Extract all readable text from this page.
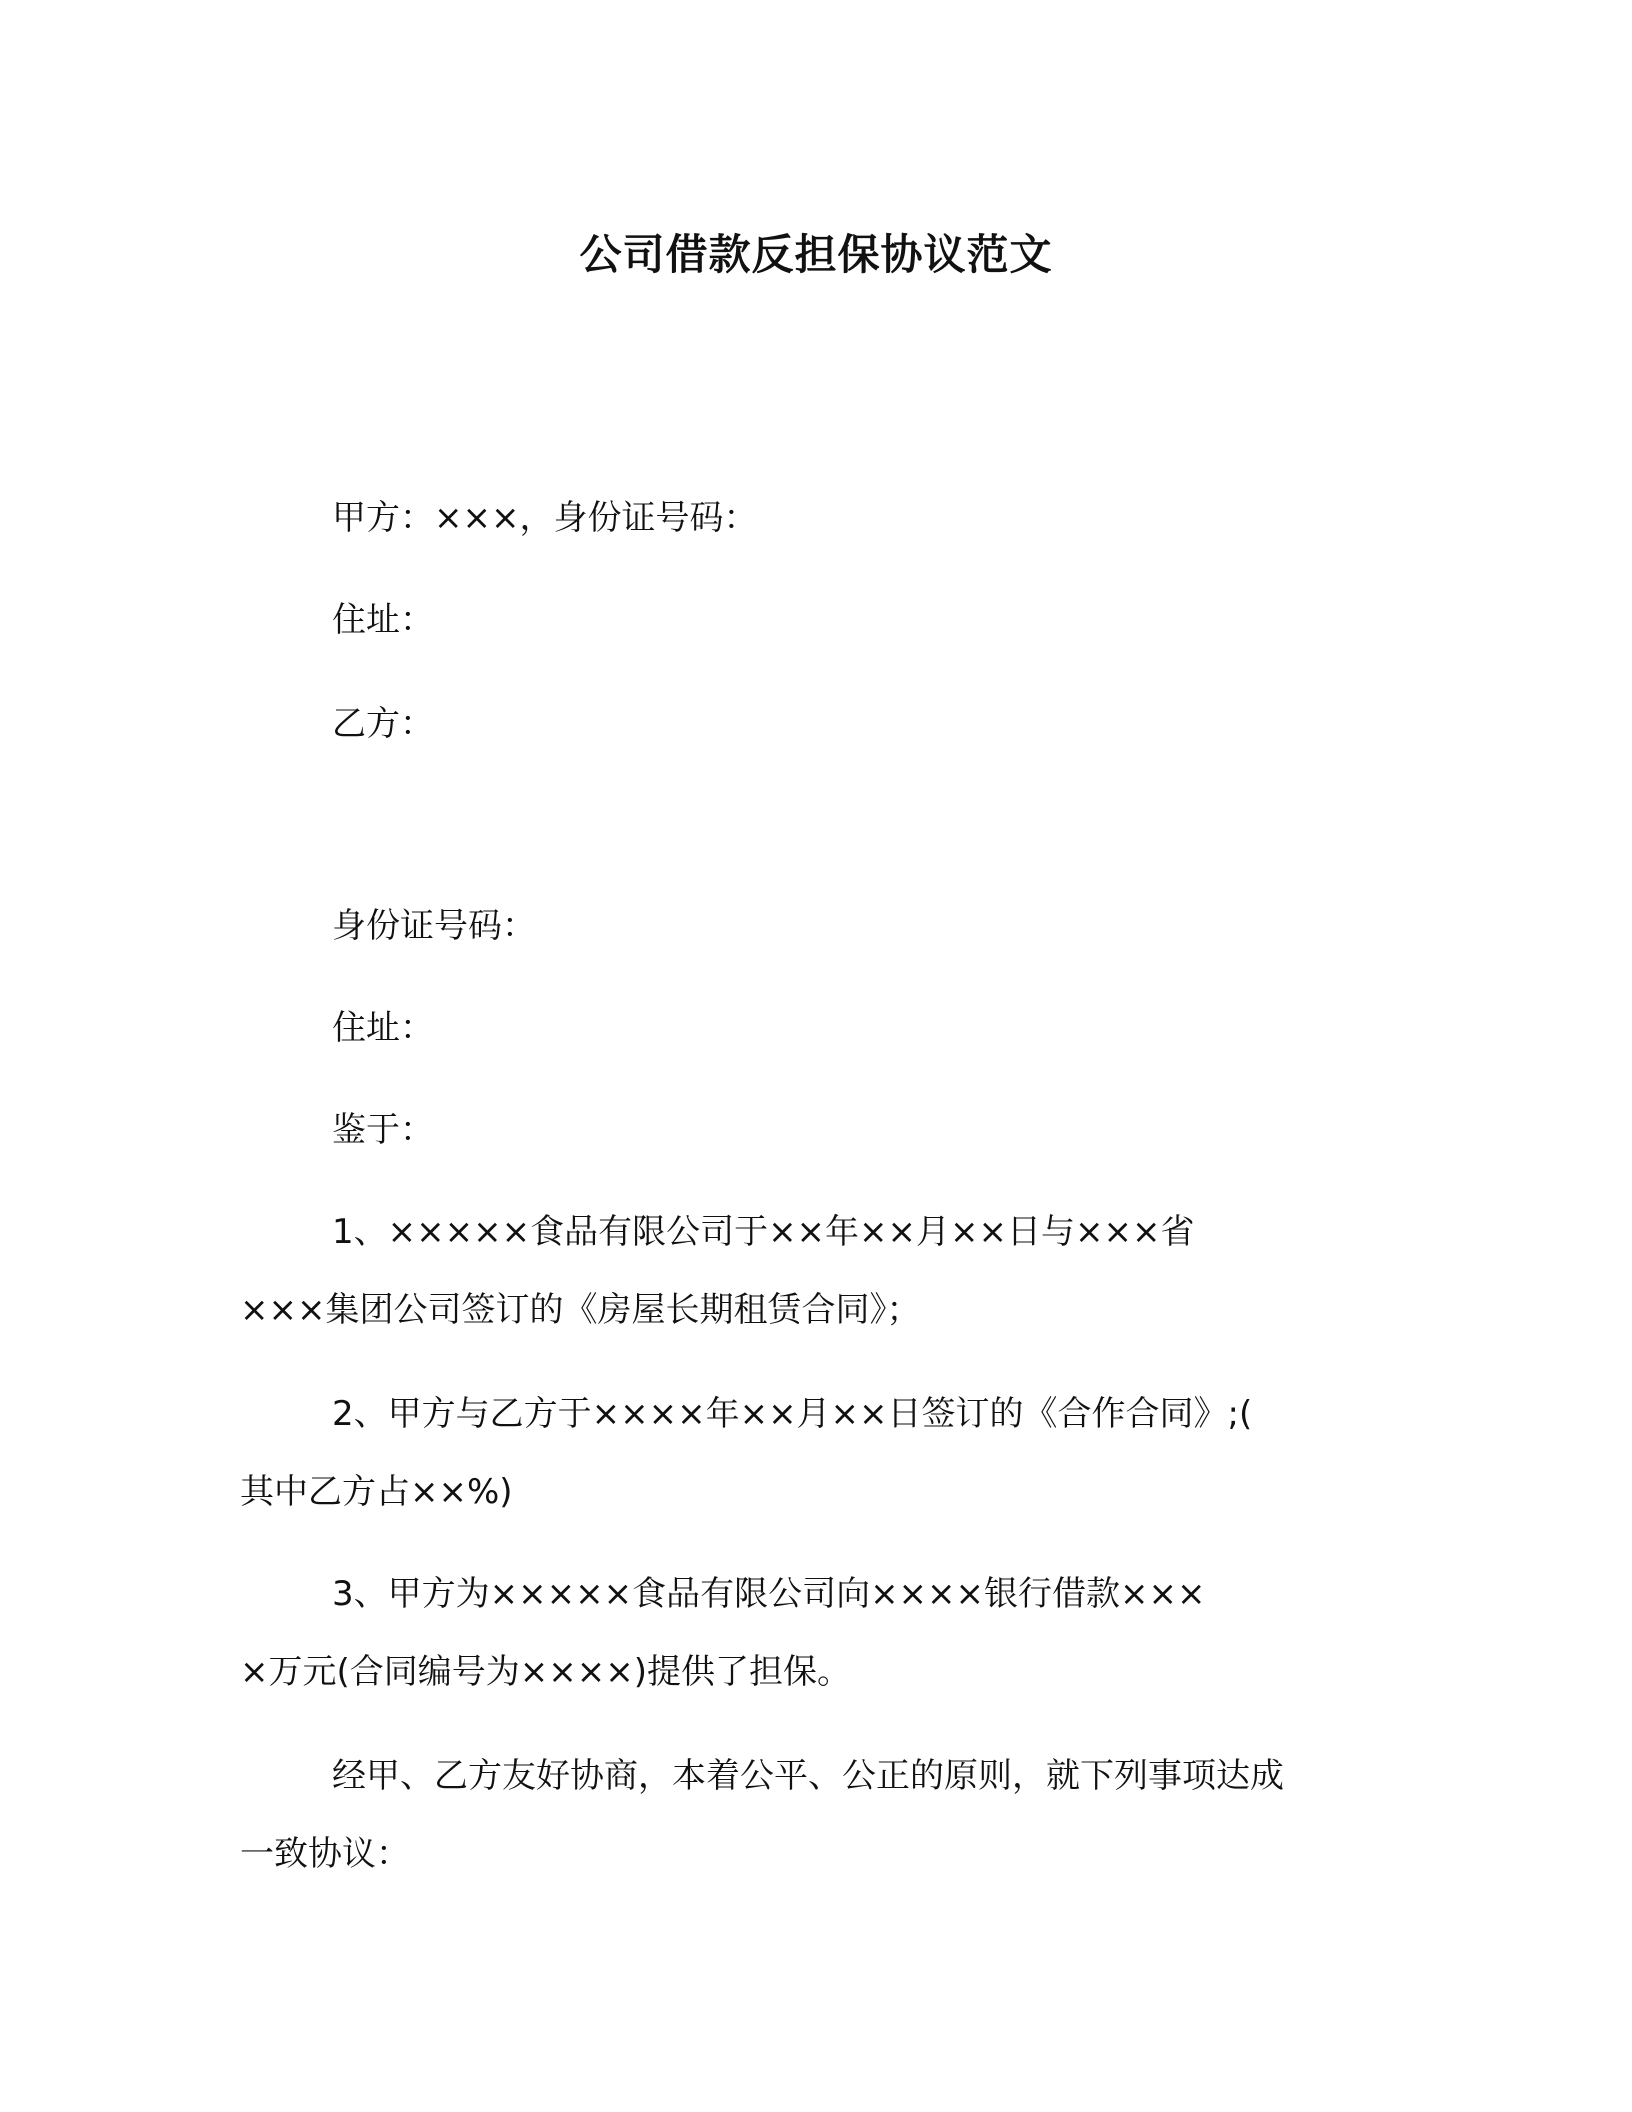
公司借款反担保协议范文
甲方：×××，身份证号码：
住址：
乙方：
身份证号码：
住址：
鉴于：
1、×××××食品有限公司于××年××月××日与×××省
×××集团公司签订的《房屋长期租赁合同》；
2、甲方与乙方于××××年××月××日签订的《合作合同》;(
其中乙方占××%)
3、甲方为×××××食品有限公司向××××银行借款×××
×万元(合同编号为××××)提供了担保。
经甲、乙方友好协商，本着公平、公正的原则，就下列事项达成
一致协议：
